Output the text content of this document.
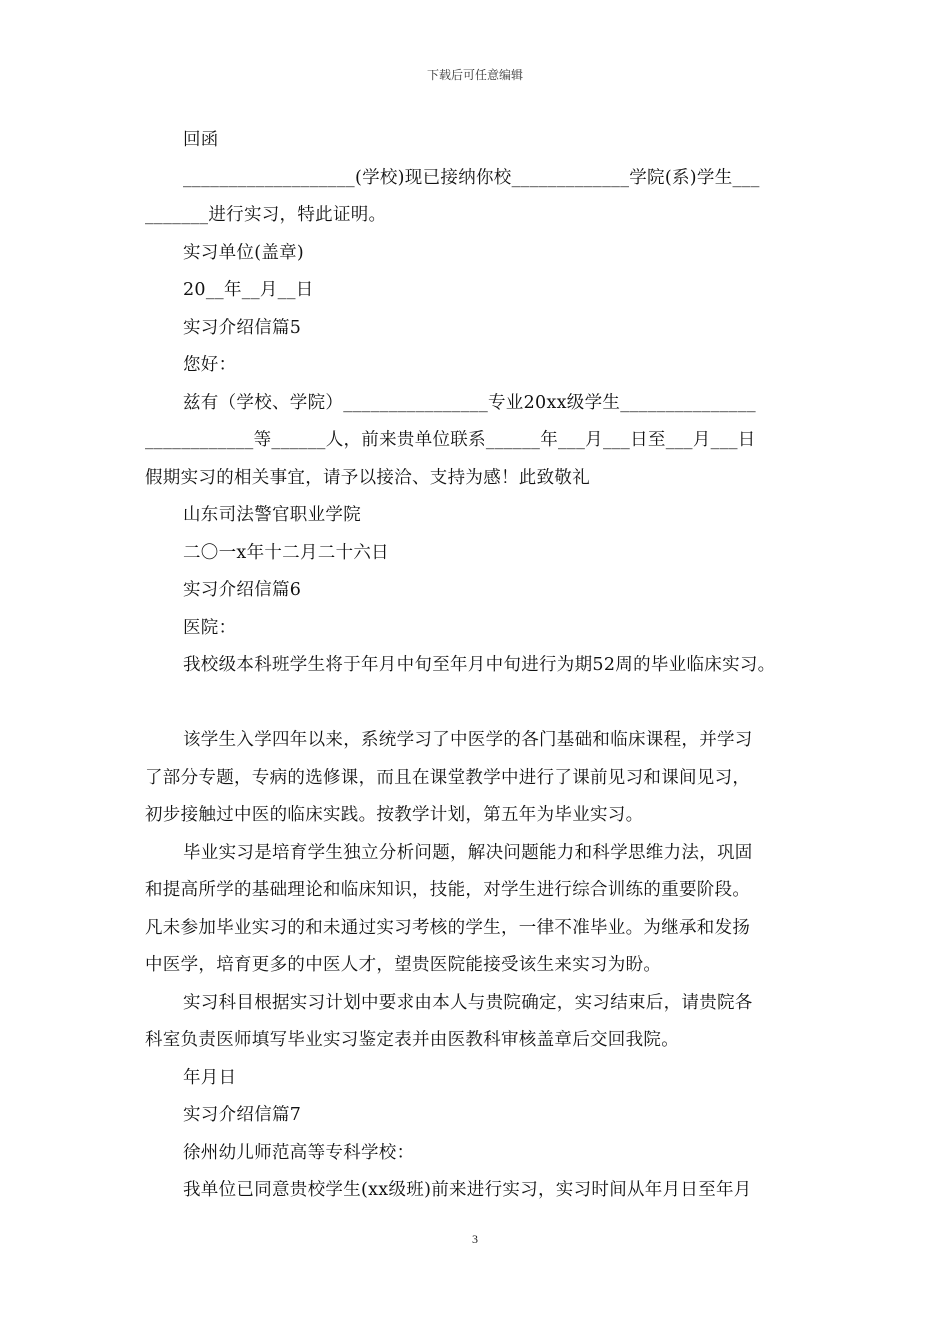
下载后可任意编辑
回函
___________________(学校)现已接纳你校_____________学院(系)学生___
_______进行实习，特此证明。
实习单位(盖章)
20__年__月__日
实习介绍信篇5
您好：
兹有（学校、学院）________________专业20xx级学生_______________
____________等______人，前来贵单位联系______年___月___日至___月___日
假期实习的相关事宜，请予以接洽、支持为感！此致敬礼
山东司法警官职业学院
二〇一x年十二月二十六日
实习介绍信篇6
医院：
我校级本科班学生将于年月中旬至年月中旬进行为期52周的毕业临床实习。
该学生入学四年以来，系统学习了中医学的各门基础和临床课程，并学习
了部分专题，专病的选修课，而且在课堂教学中进行了课前见习和课间见习，
初步接触过中医的临床实践。按教学计划，第五年为毕业实习。
毕业实习是培育学生独立分析问题，解决问题能力和科学思维力法，巩固
和提高所学的基础理论和临床知识，技能，对学生进行综合训练的重要阶段。
凡未参加毕业实习的和未通过实习考核的学生，一律不准毕业。为继承和发扬
中医学，培育更多的中医人才，望贵医院能接受该生来实习为盼。
实习科目根据实习计划中要求由本人与贵院确定，实习结束后，请贵院各
科室负责医师填写毕业实习鉴定表并由医教科审核盖章后交回我院。
年月日
实习介绍信篇7
徐州幼儿师范高等专科学校：
我单位已同意贵校学生(xx级班)前来进行实习，实习时间从年月日至年月
3
